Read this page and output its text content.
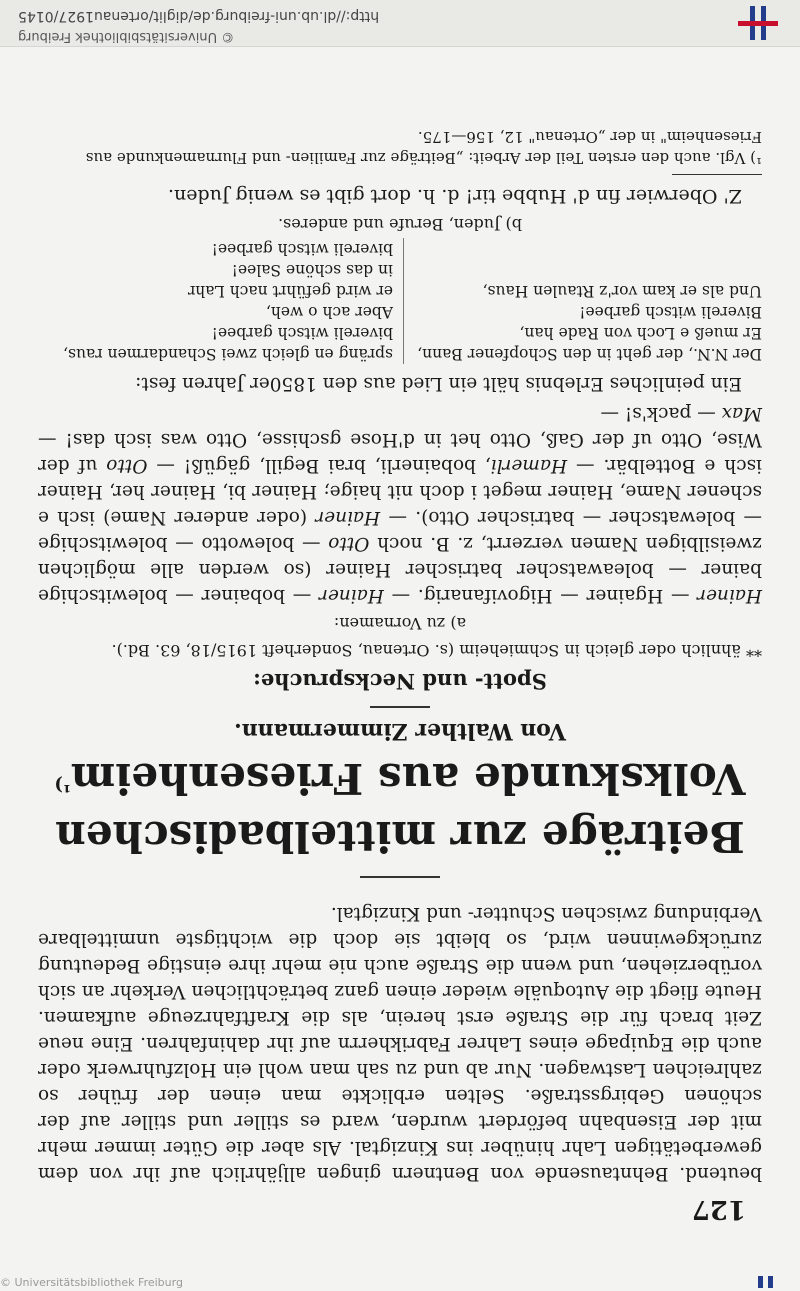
© Universitätsbibliothek Freiburg
http://dl.ub.uni-freiburg.de/diglit/ortenau1927/0145
127

beutend. Behntausende von Bentnern gingen alljährlich auf ihr von dem gewerbetätigen Lahr hinüber ins Kinzigtal. Als aber die Güter immer mehr mit der Eisenbahn befördert wurden, ward es stiller und stiller auf der schönen Gebirgsstraße. Selten erblickte man einen der früher so zahlreichen Lastwagen. Nur ab und zu sah man wohl ein Holzfuhrwerk oder auch die Equipage eines Lahrer Fabrikherrn auf ihr dahinfahren. Eine neue Zeit brach für die Straße erst herein, als die Kraftfahrzeuge aufkamen. Heute fliegt die Autoquäle wieder einen ganz beträchtlichen Verkehr an sich vorüberziehen, und wenn die Straße auch nie mehr ihre einstige Bedeutung zurückgewinnen wird, so bleibt sie doch die wichtigste unmittelbare Verbindung zwischen Schutter- und Kinzigtal.

Beiträge zur mittelbadischen Volkskunde aus Friesenheim$^{^1)}$
Von Walther Zimmermann.
Spott- und Neckspruche:

** ähnlich oder gleich in Schmieheim (s. Ortenau, Sonderheft 1915/18, 63. Bd.).

a) zu Vornamen:

Hainer — Hgainer — Higovifanarig. — Hainer — bobainer — bolewitschige bainer — boleawatscher batrischer Hainer (so werden alle möglichen zweisilbigen Namen verzerrt, z. B. noch Otto — bolewotto — bolewitschige — bolewatscher — batrischer Otto). — Hainer (oder anderer Name) isch e schener Name, Hainer meget i doch nit haige; Hainer bi, Hainer her, Hainer isch e Bottelbär. — Hamerli, bobainerli, brai Begill, gägüß! — Otto uf der Wise, Otto uf der Gaß, Otto het in d'Hose gschisse, Otto was isch das! — Max — pack's! —

Ein peinliches Erlebnis hält ein Lied aus den 1850er Jahren fest:

Der N.N., der geht in den Schopfener Bann,
Er mueß e Loch von Rade han,
Bivereli witsch garbee!
Und als er kam vor'z Rtaulen Haus,
spräng en gleich zwei Schandarmen raus,
bivereli witsch garbee!
Aber ach o weh,
er wird geführt nach Lahr
in das schöne Salee!
bivereli witsch garbee!
b) Juden, Berufe und anderes.

Z' Oberwier fin d' Hubbe tir! d. h. dort gibt es wenig Juden.

¹) Vgl. auch den ersten Teil der Arbeit: „Beiträge zur Familien- und Flurnamenkunde aus Friesenheim" in der „Ortenau" 12, 156—175.

© Universitätsbibliothek Freiburg
